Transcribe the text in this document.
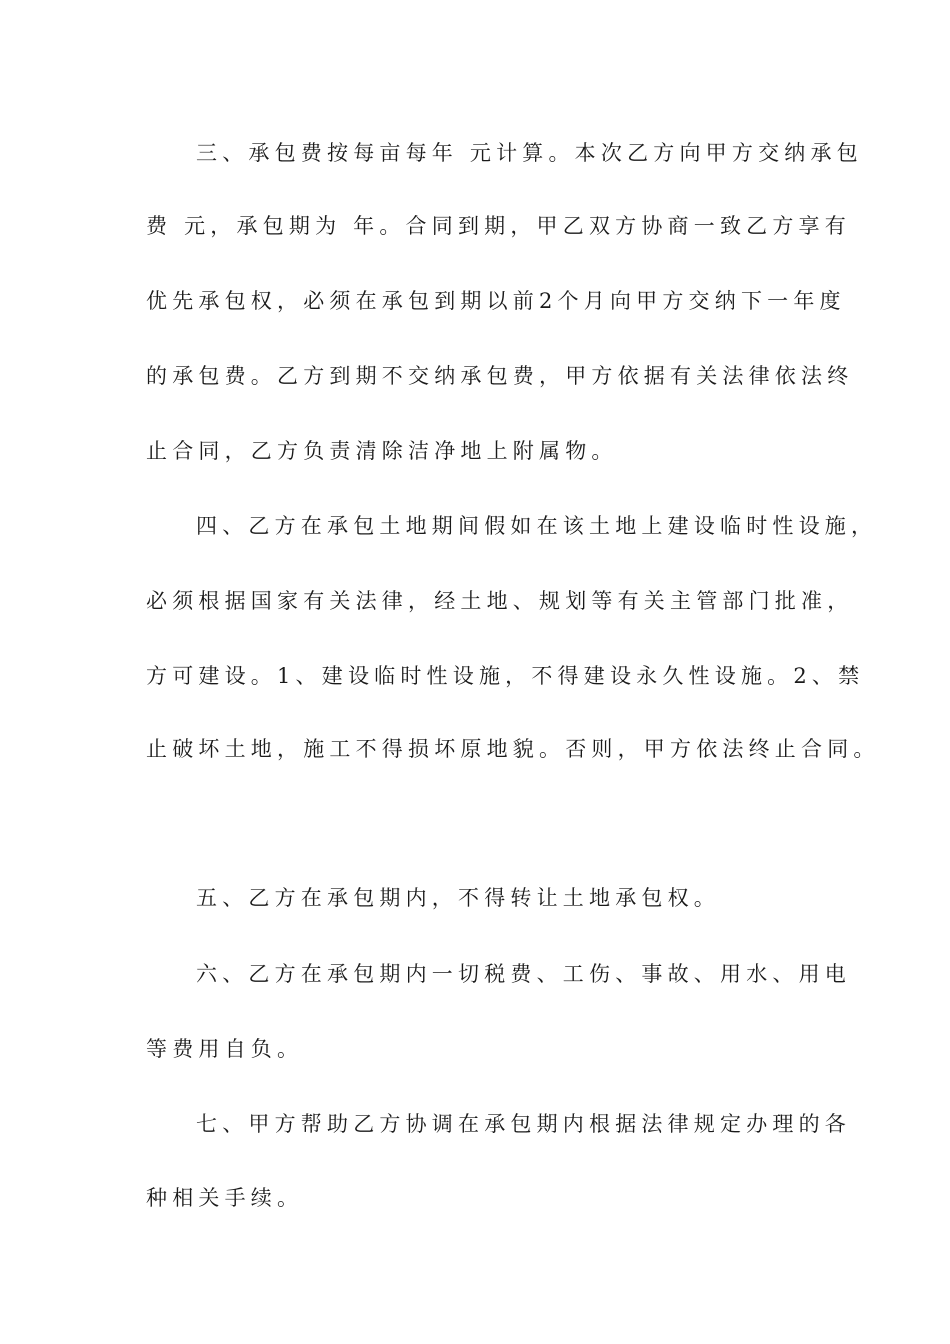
三、承包费按每亩每年 元计算。本次乙方向甲方交纳承包
费 元，承包期为 年。合同到期，甲乙双方协商一致乙方享有
优先承包权，必须在承包到期以前2个月向甲方交纳下一年度
的承包费。乙方到期不交纳承包费，甲方依据有关法律依法终
止合同，乙方负责清除洁净地上附属物。
四、乙方在承包土地期间假如在该土地上建设临时性设施，
必须根据国家有关法律，经土地、规划等有关主管部门批准，
方可建设。1、建设临时性设施，不得建设永久性设施。2、禁
止破坏土地，施工不得损坏原地貌。否则，甲方依法终止合同。
五、乙方在承包期内，不得转让土地承包权。
六、乙方在承包期内一切税费、工伤、事故、用水、用电
等费用自负。
七、甲方帮助乙方协调在承包期内根据法律规定办理的各
种相关手续。
